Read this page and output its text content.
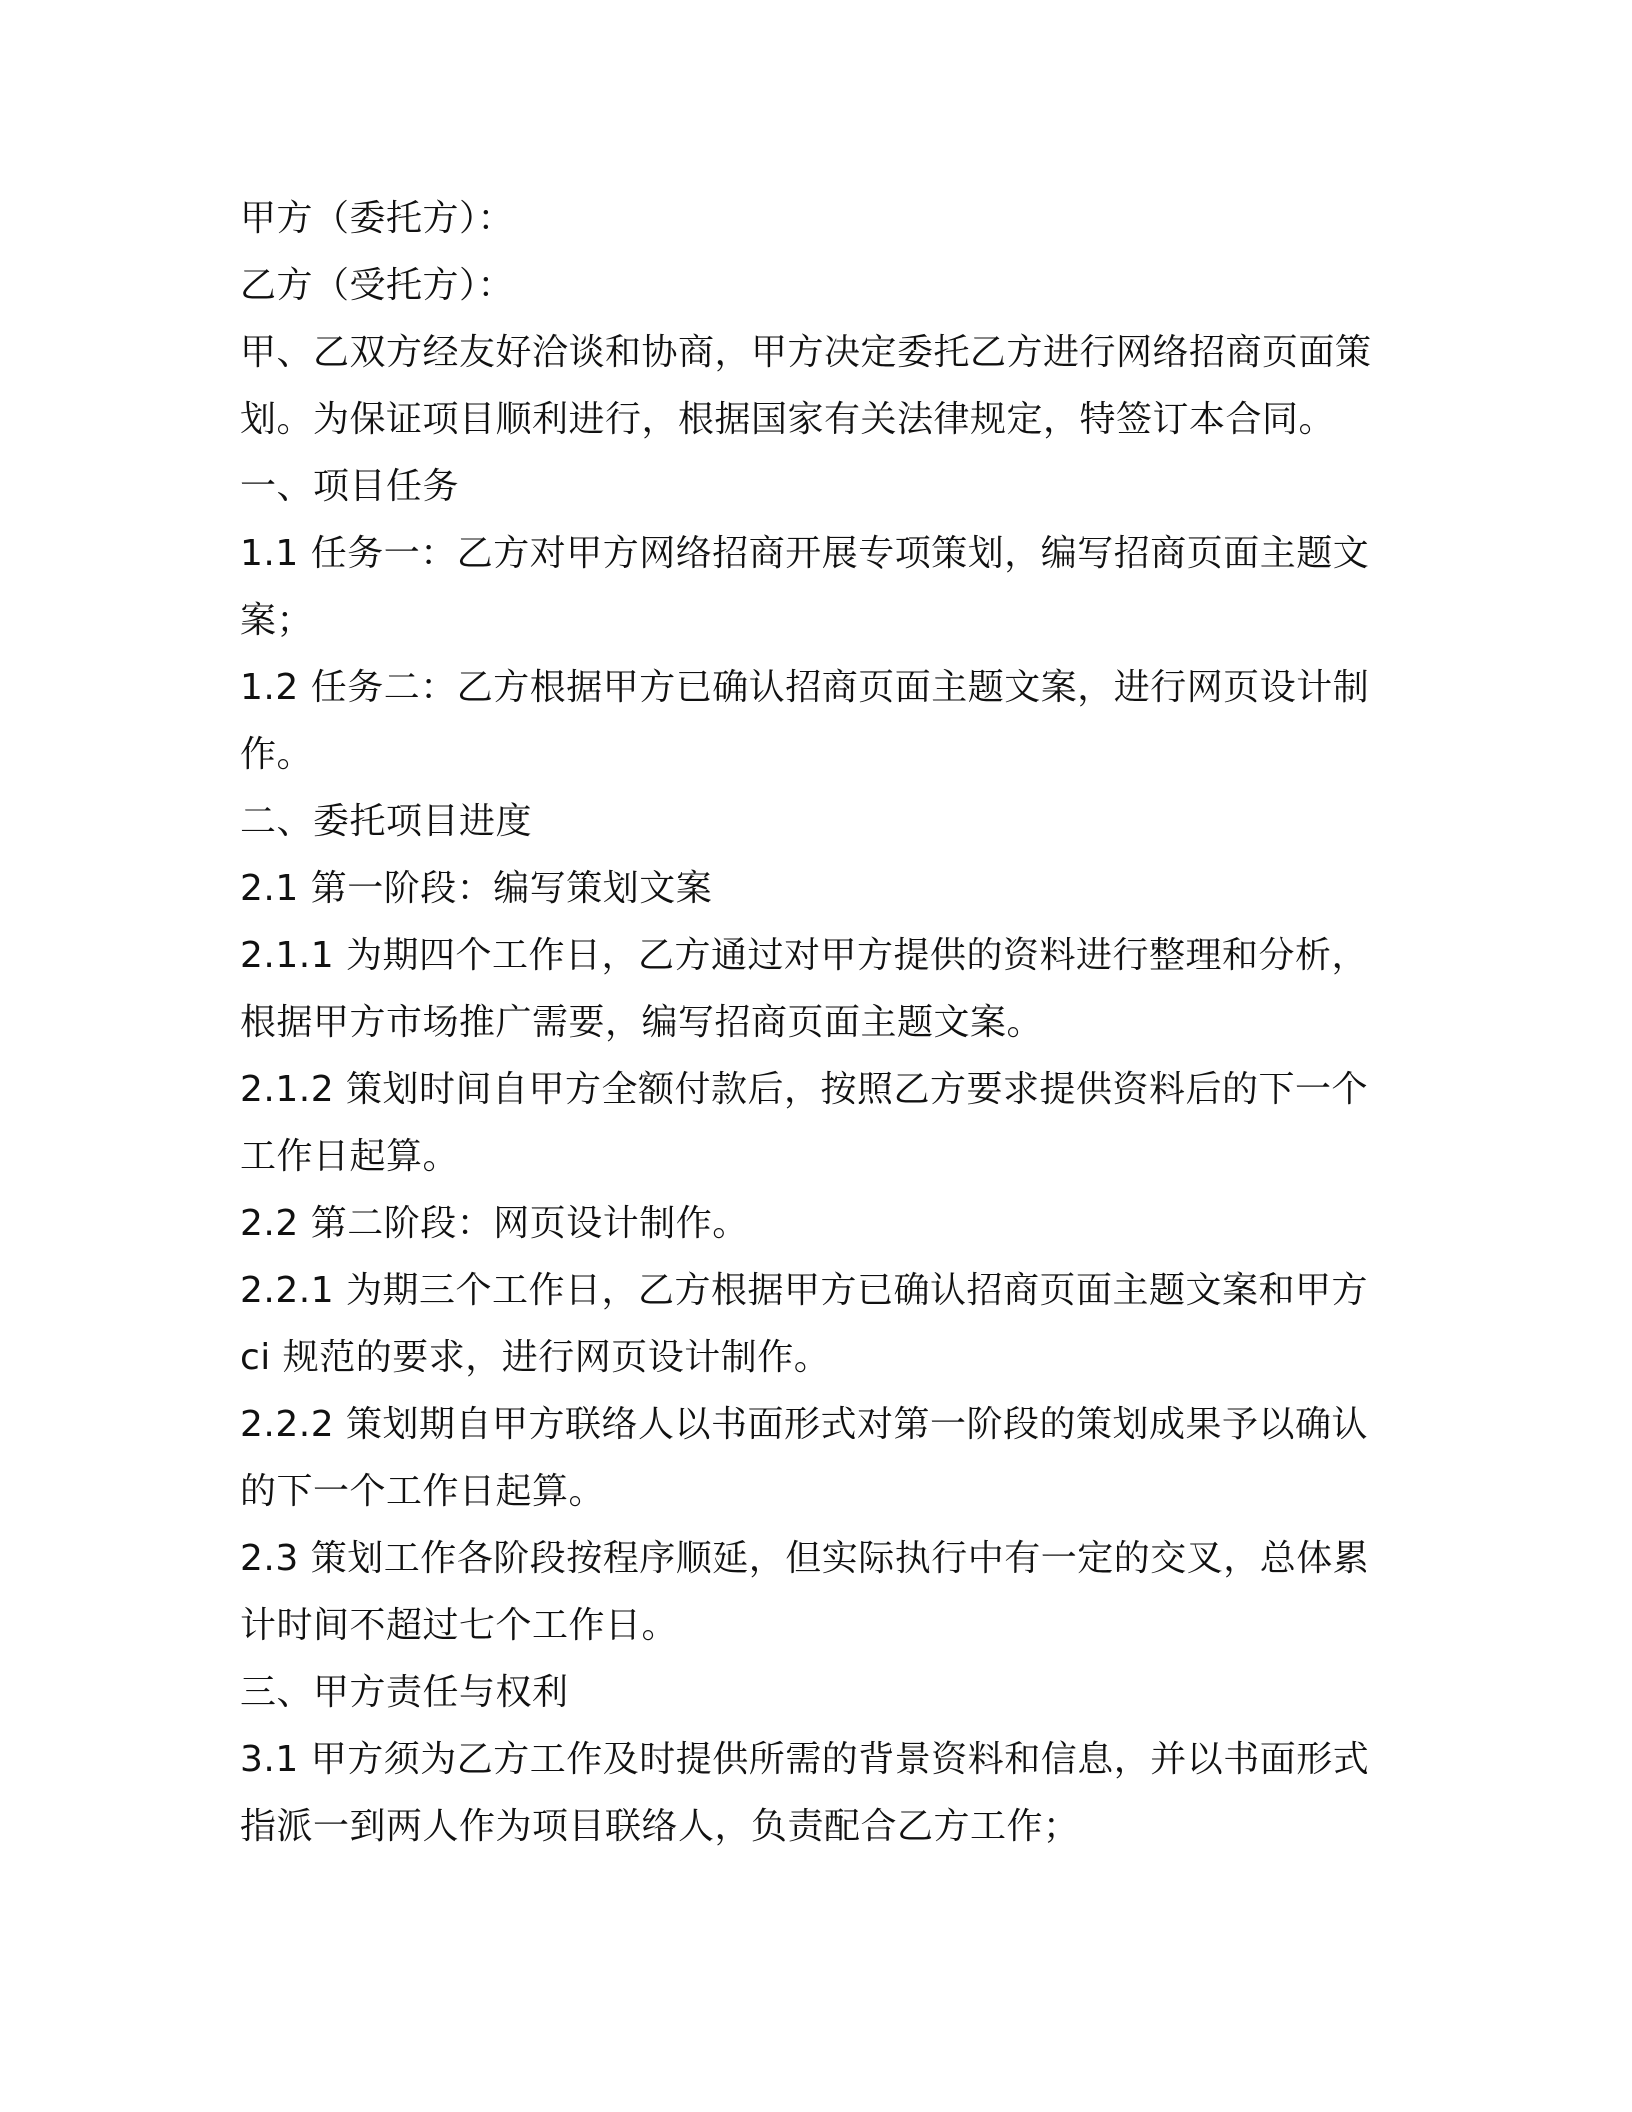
甲方（委托方）：

乙方（受托方）：

甲、乙双方经友好洽谈和协商，甲方决定委托乙方进行网络招商页面策划。为保证项目顺利进行，根据国家有关法律规定，特签订本合同。

一、项目任务

1.1 任务一：乙方对甲方网络招商开展专项策划，编写招商页面主题文案；

1.2 任务二：乙方根据甲方已确认招商页面主题文案，进行网页设计制作。

二、委托项目进度

2.1 第一阶段：编写策划文案

2.1.1 为期四个工作日，乙方通过对甲方提供的资料进行整理和分析，根据甲方市场推广需要，编写招商页面主题文案。

2.1.2 策划时间自甲方全额付款后，按照乙方要求提供资料后的下一个工作日起算。

2.2 第二阶段：网页设计制作。

2.2.1 为期三个工作日，乙方根据甲方已确认招商页面主题文案和甲方 ci 规范的要求，进行网页设计制作。

2.2.2 策划期自甲方联络人以书面形式对第一阶段的策划成果予以确认的下一个工作日起算。

2.3 策划工作各阶段按程序顺延，但实际执行中有一定的交叉，总体累计时间不超过七个工作日。

三、甲方责任与权利

3.1 甲方须为乙方工作及时提供所需的背景资料和信息，并以书面形式指派一到两人作为项目联络人，负责配合乙方工作；
